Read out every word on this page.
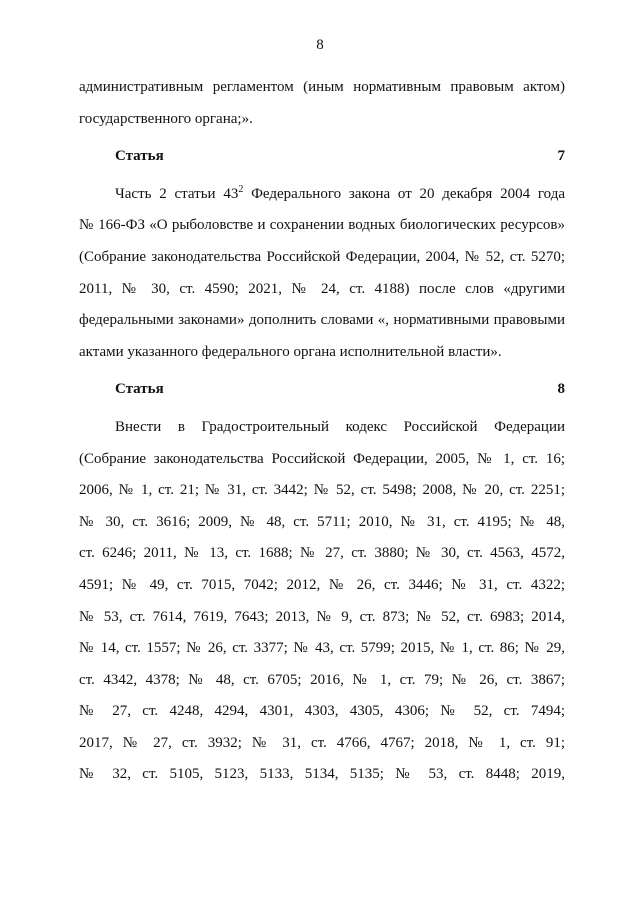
8

административным регламентом (иным нормативным правовым актом)

государственного органа;».

Статья 7

Часть 2 статьи $43^2$ Федерального закона от 20 декабря 2004 года

№ 166-ФЗ «О рыболовстве и сохранении водных биологических ресурсов»

(Собрание законодательства Российской Федерации, 2004, № 52, ст. 5270;

2011, № 30, ст. 4590; 2021, № 24, ст. 4188) после слов «другими

федеральными законами» дополнить словами «, нормативными правовыми

актами указанного федерального органа исполнительной власти».

Статья 8

Внести в Градостроительный кодекс Российской Федерации

(Собрание законодательства Российской Федерации, 2005, № 1, ст. 16;

2006, № 1, ст. 21; № 31, ст. 3442; № 52, ст. 5498; 2008, № 20, ст. 2251;

№ 30, ст. 3616; 2009, № 48, ст. 5711; 2010, № 31, ст. 4195; № 48,

ст. 6246; 2011, № 13, ст. 1688; № 27, ст. 3880; № 30, ст. 4563, 4572,

4591; № 49, ст. 7015, 7042; 2012, № 26, ст. 3446; № 31, ст. 4322;

№ 53, ст. 7614, 7619, 7643; 2013, № 9, ст. 873; № 52, ст. 6983; 2014,

№ 14, ст. 1557; № 26, ст. 3377; № 43, ст. 5799; 2015, № 1, ст. 86; № 29,

ст. 4342, 4378; № 48, ст. 6705; 2016, № 1, ст. 79; № 26, ст. 3867;

№ 27, ст. 4248, 4294, 4301, 4303, 4305, 4306; № 52, ст. 7494;

2017, № 27, ст. 3932; № 31, ст. 4766, 4767; 2018, № 1, ст. 91;

№ 32, ст. 5105, 5123, 5133, 5134, 5135; № 53, ст. 8448; 2019,
